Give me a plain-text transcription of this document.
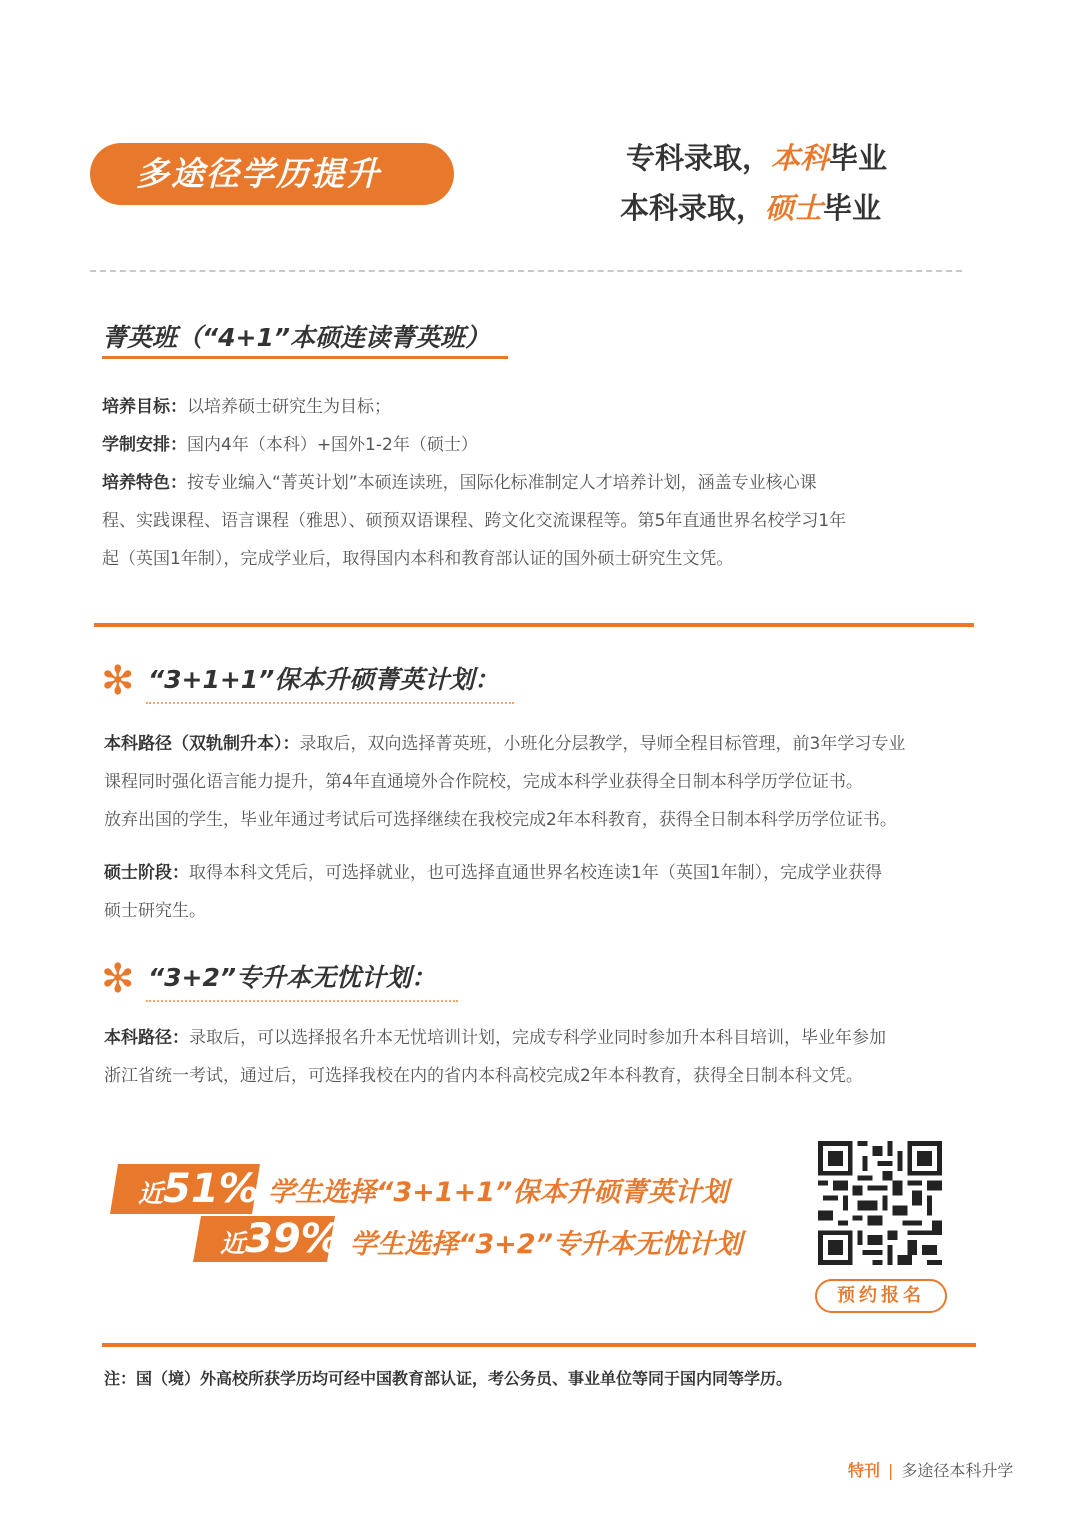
多途径学历提升	专科录取，本科毕业
本科录取，硕士毕业
菁英班（“4+1”本硕连读菁英班）
培养目标：以培养硕士研究生为目标；
学制安排：国内4年（本科）+国外1-2年（硕士）
培养特色：按专业编入“菁英计划”本硕连读班，国际化标准制定人才培养计划，涵盖专业核心课
程、实践课程、语言课程（雅思）、硕预双语课程、跨文化交流课程等。第5年直通世界名校学习1年
起（英国1年制），完成学业后，取得国内本科和教育部认证的国外硕士研究生文凭。
✻ “3+1+1”保本升硕菁英计划：
本科路径（双轨制升本）：录取后，双向选择菁英班，小班化分层教学，导师全程目标管理，前3年学习专业
课程同时强化语言能力提升，第4年直通境外合作院校，完成本科学业获得全日制本科学历学位证书。
放弃出国的学生，毕业年通过考试后可选择继续在我校完成2年本科教育，获得全日制本科学历学位证书。
硕士阶段：取得本科文凭后，可选择就业，也可选择直通世界名校连读1年（英国1年制），完成学业获得
硕士研究生。
✻ “3+2”专升本无忧计划：
本科路径：录取后，可以选择报名升本无忧培训计划，完成专科学业同时参加升本科目培训，毕业年参加
浙江省统一考试，通过后，可选择我校在内的省内本科高校完成2年本科教育，获得全日制本科文凭。
近51% 学生选择“3+1+1”保本升硕菁英计划
近39% 学生选择“3+2”专升本无忧计划
预约报名
注：国（境）外高校所获学历均可经中国教育部认证，考公务员、事业单位等同于国内同等学历。
特刊 | 多途径本科升学
